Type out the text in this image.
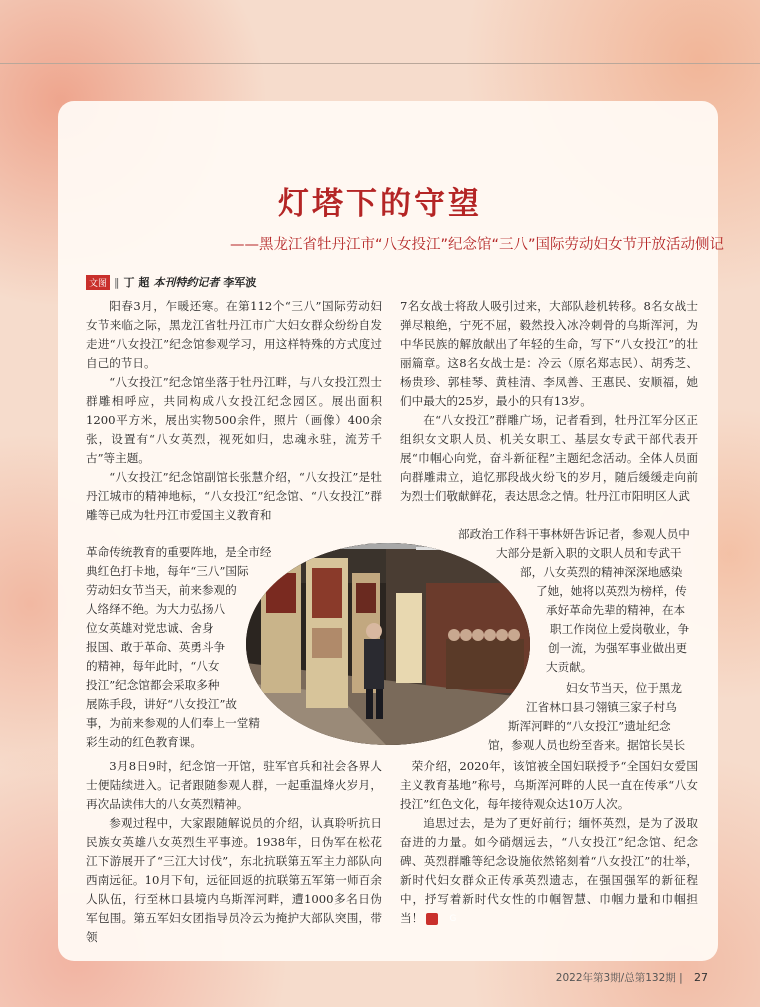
灯塔下的守望
——黑龙江省牡丹江市“八女投江”纪念馆“三八”国际劳动妇女节开放活动侧记
文图 ‖ 丁 超 本刊特约记者 李军波

阳春3月，乍暖还寒。在第112个“三八”国际劳动妇女节来临之际，黑龙江省牡丹江市广大妇女群众纷纷自发走进“八女投江”纪念馆参观学习，用这样特殊的方式度过自己的节日。

“八女投江”纪念馆坐落于牡丹江畔，与八女投江烈士群雕相呼应，共同构成八女投江纪念园区。展出面积1200平方米，展出实物500余件，照片（画像）400余张，设置有“八女英烈，视死如归，忠魂永驻，流芳千古”等主题。

“八女投江”纪念馆副馆长张慧介绍，“八女投江”是牡丹江城市的精神地标，“八女投江”纪念馆、“八女投江”群雕等已成为牡丹江市爱国主义教育和

革命传统教育的重要阵地，是全市经
典红色打卡地，每年“三八”国际
劳动妇女节当天，前来参观的
人络绎不绝。为大力弘扬八
位女英雄对党忠诚、舍身
报国、敢于革命、英勇斗争
的精神，每年此时，“八女
投江”纪念馆都会采取多种
展陈手段，讲好“八女投江”故
事，为前来参观的人们奉上一堂精
彩生动的红色教育课。

3月8日9时，纪念馆一开馆，驻军官兵和社会各界人士便陆续进入。记者跟随参观人群，一起重温烽火岁月，再次品读伟大的八女英烈精神。

参观过程中，大家跟随解说员的介绍，认真聆听抗日民族女英雄八女英烈生平事迹。1938年，日伪军在松花江下游展开了“三江大讨伐”，东北抗联第五军主力部队向西南远征。10月下旬，远征回返的抗联第五军第一师百余人队伍，行至林口县境内乌斯浑河畔，遭1000多名日伪军包围。第五军妇女团指导员冷云为掩护大部队突围，带领

7名女战士将敌人吸引过来，大部队趁机转移。8名女战士弹尽粮绝，宁死不屈，毅然投入冰冷刺骨的乌斯浑河，为中华民族的解放献出了年轻的生命，写下“八女投江”的壮丽篇章。这8名女战士是：冷云（原名郑志民）、胡秀芝、杨贵珍、郭桂琴、黄桂清、李凤善、王惠民、安顺福，她们中最大的25岁，最小的只有13岁。

在“八女投江”群雕广场，记者看到，牡丹江军分区正组织女文职人员、机关女职工、基层女专武干部代表开展“巾帼心向党，奋斗新征程”主题纪念活动。全体人员面向群雕肃立，追忆那段战火纷飞的岁月，随后缓缓走向前为烈士们敬献鲜花，表达思念之情。牡丹江市阳明区人武

部政治工作科干事林妍告诉记者，参观人员中
大部分是新入职的文职人员和专武干
部，八女英烈的精神深深地感染
了她，她将以英烈为榜样，传
承好革命先辈的精神，在本
职工作岗位上爱岗敬业，争
创一流，为强军事业做出更
大贡献。
妇女节当天，位于黑龙
江省林口县刁翎镇三家子村乌
斯浑河畔的“八女投江”遗址纪念
馆，参观人员也纷至沓来。据馆长吴长

荣介绍，2020年，该馆被全国妇联授予“全国妇女爱国主义教育基地”称号，乌斯浑河畔的人民一直在传承“八女投江”红色文化，每年接待观众达10万人次。

追思过去，是为了更好前行；缅怀英烈，是为了汲取奋进的力量。如今硝烟远去，“八女投江”纪念馆、纪念碑、英烈群雕等纪念设施依然铭刻着“八女投江”的壮举，新时代妇女群众正传承英烈遗志，在强国强军的新征程中，抒写着新时代女性的巾帼智慧、巾帼力量和巾帼担当！	G

2022年第3期/总第132期 | 27
